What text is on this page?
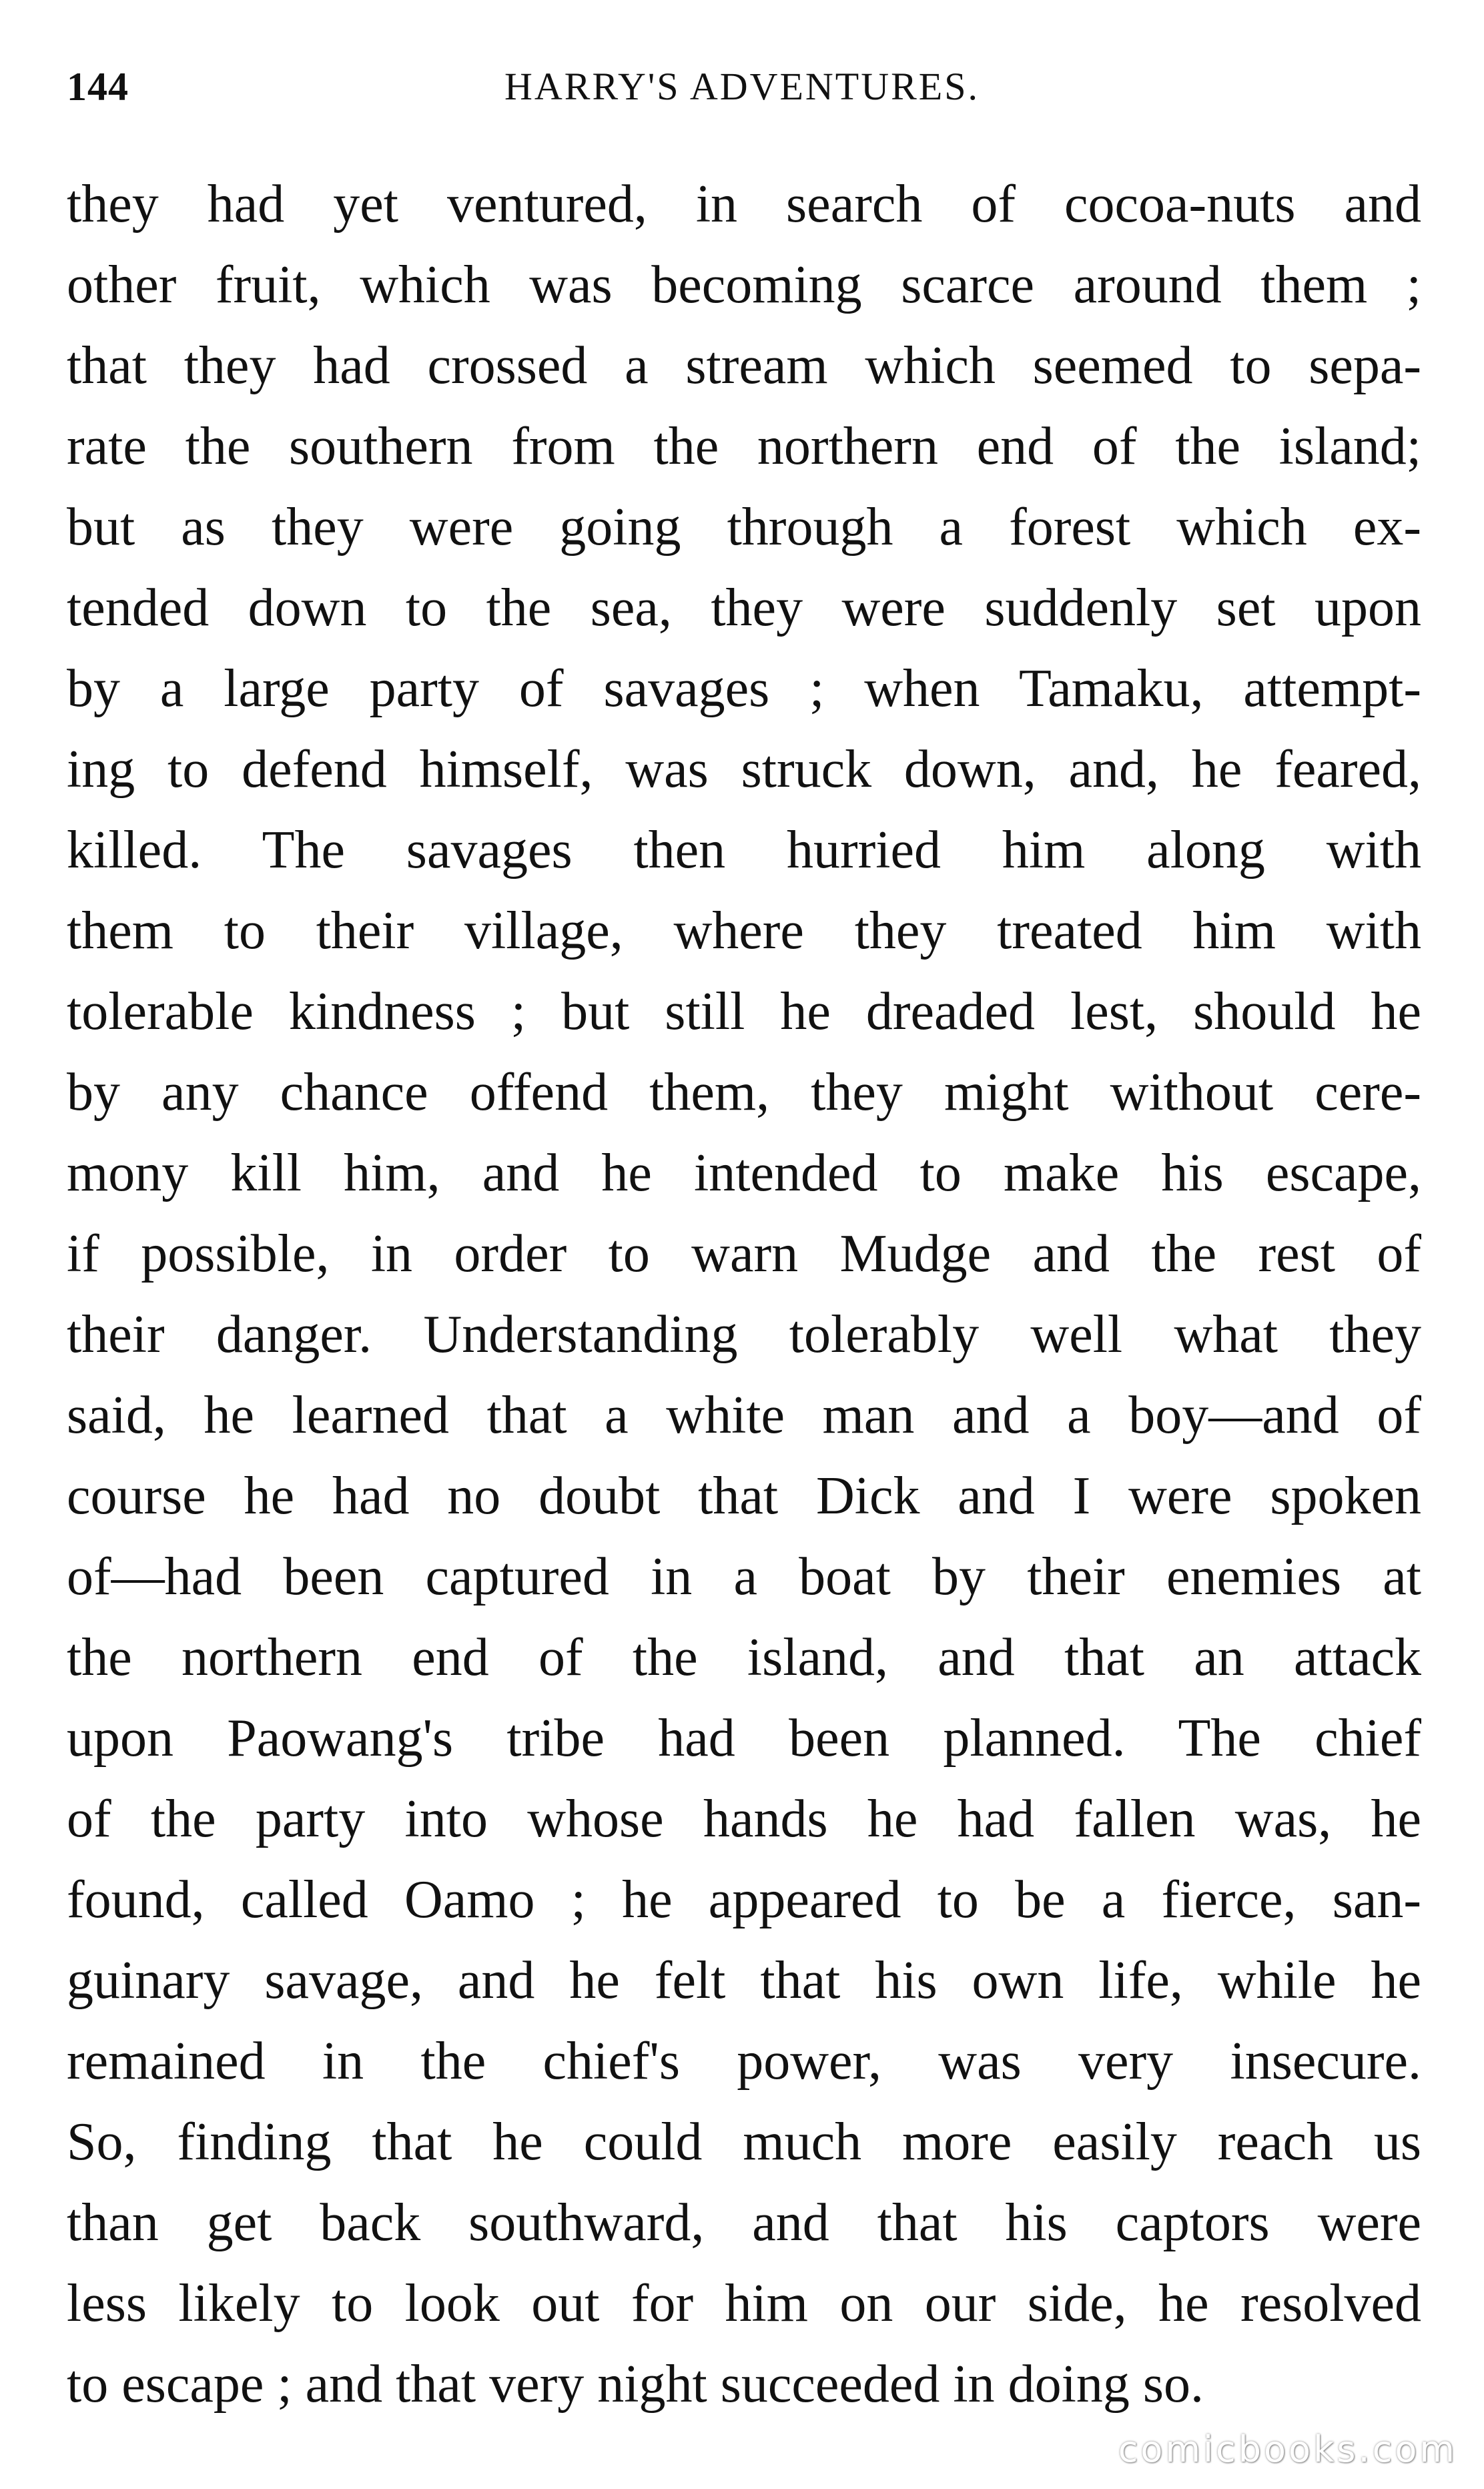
144	HARRY'S ADVENTURES.
they had yet ventured, in search of cocoa-nuts and
other fruit, which was becoming scarce around them ;
that they had crossed a stream which seemed to sepa-
rate the southern from the northern end of the island;
but as they were going through a forest which ex-
tended down to the sea, they were suddenly set upon
by a large party of savages ; when Tamaku, attempt-
ing to defend himself, was struck down, and, he feared,
killed. The savages then hurried him along with
them to their village, where they treated him with
tolerable kindness ; but still he dreaded lest, should he
by any chance offend them, they might without cere-
mony kill him, and he intended to make his escape,
if possible, in order to warn Mudge and the rest of
their danger. Understanding tolerably well what they
said, he learned that a white man and a boy—and of
course he had no doubt that Dick and I were spoken
of—had been captured in a boat by their enemies at
the northern end of the island, and that an attack
upon Paowang's tribe had been planned. The chief
of the party into whose hands he had fallen was, he
found, called Oamo ; he appeared to be a fierce, san-
guinary savage, and he felt that his own life, while he
remained in the chief's power, was very insecure.
So, finding that he could much more easily reach us
than get back southward, and that his captors were
less likely to look out for him on our side, he resolved
to escape ; and that very night succeeded in doing so.
comicbooks.com
